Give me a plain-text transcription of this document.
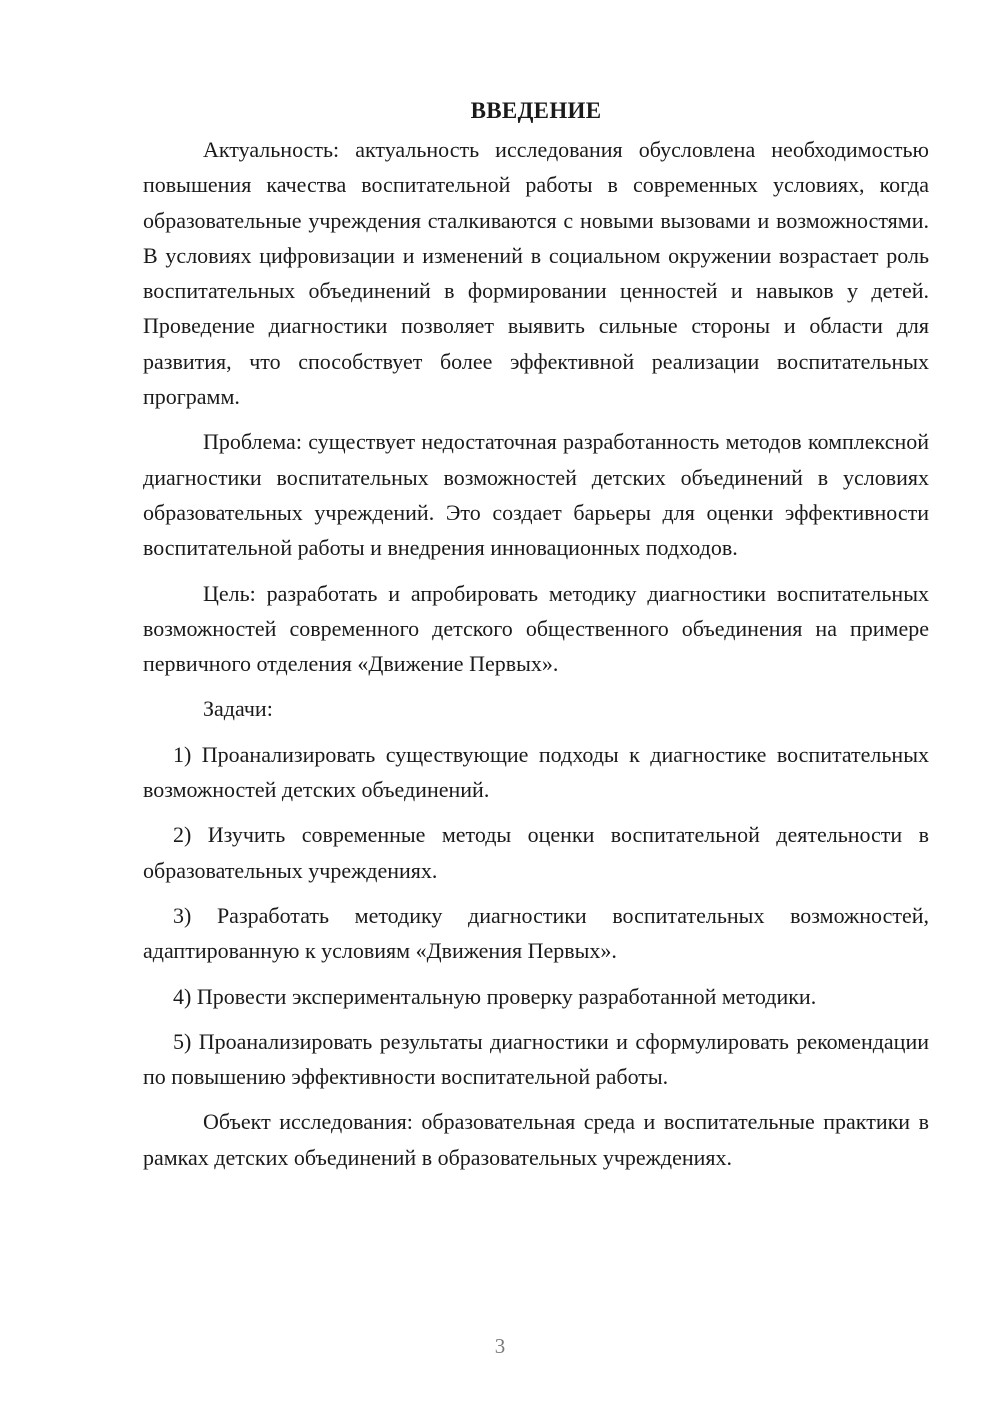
ВВЕДЕНИЕ

Актуальность: актуальность исследования обусловлена необходимостью повышения качества воспитательной работы в современных условиях, когда образовательные учреждения сталкиваются с новыми вызовами и возможностями. В условиях цифровизации и изменений в социальном окружении возрастает роль воспитательных объединений в формировании ценностей и навыков у детей. Проведение диагностики позволяет выявить сильные стороны и области для развития, что способствует более эффективной реализации воспитательных программ.

Проблема: существует недостаточная разработанность методов комплексной диагностики воспитательных возможностей детских объединений в условиях образовательных учреждений. Это создает барьеры для оценки эффективности воспитательной работы и внедрения инновационных подходов.

Цель: разработать и апробировать методику диагностики воспитательных возможностей современного детского общественного объединения на примере первичного отделения «Движение Первых».

Задачи:

1) Проанализировать существующие подходы к диагностике воспитательных возможностей детских объединений.

2) Изучить современные методы оценки воспитательной деятельности в образовательных учреждениях.

3) Разработать методику диагностики воспитательных возможностей, адаптированную к условиям «Движения Первых».

4) Провести экспериментальную проверку разработанной методики.

5) Проанализировать результаты диагностики и сформулировать рекомендации по повышению эффективности воспитательной работы.

Объект исследования: образовательная среда и воспитательные практики в рамках детских объединений в образовательных учреждениях.

3
